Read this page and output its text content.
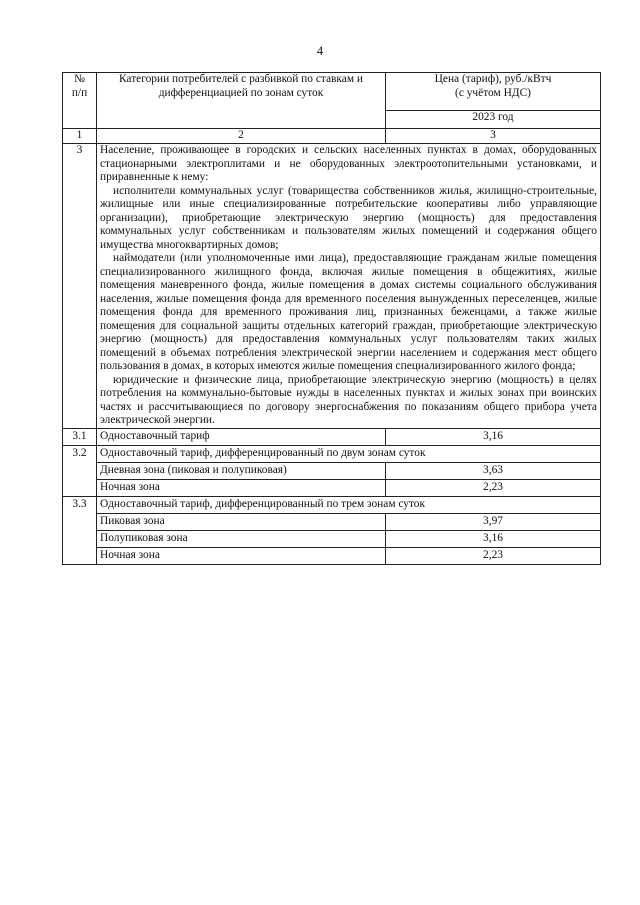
4
№
п/п	Категории потребителей с разбивкой по ставкам и дифференциацией по зонам суток	Цена (тариф), руб./кВтч
(с учётом НДС)
		2023 год
1	2	3
3	Население, проживающее в городских и сельских населенных пунктах в домах, оборудованных стационарными электроплитами и не оборудованных электроотопительными установками, и приравненные к нему:

исполнители коммунальных услуг (товарищества собственников жилья, жилищно-строительные, жилищные или иные специализированные потребительские кооперативы либо управляющие организации), приобретающие электрическую энергию (мощность) для предоставления коммунальных услуг собственникам и пользователям жилых помещений и содержания общего имущества многоквартирных домов;

наймодатели (или уполномоченные ими лица), предоставляющие гражданам жилые помещения специализированного жилищного фонда, включая жилые помещения в общежитиях, жилые помещения маневренного фонда, жилые помещения в домах системы социального обслуживания населения, жилые помещения фонда для временного поселения вынужденных переселенцев, жилые помещения фонда для временного проживания лиц, признанных беженцами, а также жилые помещения для социальной защиты отдельных категорий граждан, приобретающие электрическую энергию (мощность) для предоставления коммунальных услуг пользователям таких жилых помещений в объемах потребления электрической энергии населением и содержания мест общего пользования в домах, в которых имеются жилые помещения специализированного жилого фонда;

юридические и физические лица, приобретающие электрическую энергию (мощность) в целях потребления на коммунально-бытовые нужды в населенных пунктах и жилых зонах при воинских частях и рассчитывающиеся по договору энергоснабжения по показаниям общего прибора учета электрической энергии.	

3.1	Одноставочный тариф	3,16
3.2	Одноставочный тариф, дифференцированный по двум зонам суток	
	Дневная зона (пиковая и полупиковая)	3,63
	Ночная зона	2,23
3.3	Одноставочный тариф, дифференцированный по трем зонам суток	
	Пиковая зона	3,97
	Полупиковая зона	3,16
	Ночная зона	2,23
